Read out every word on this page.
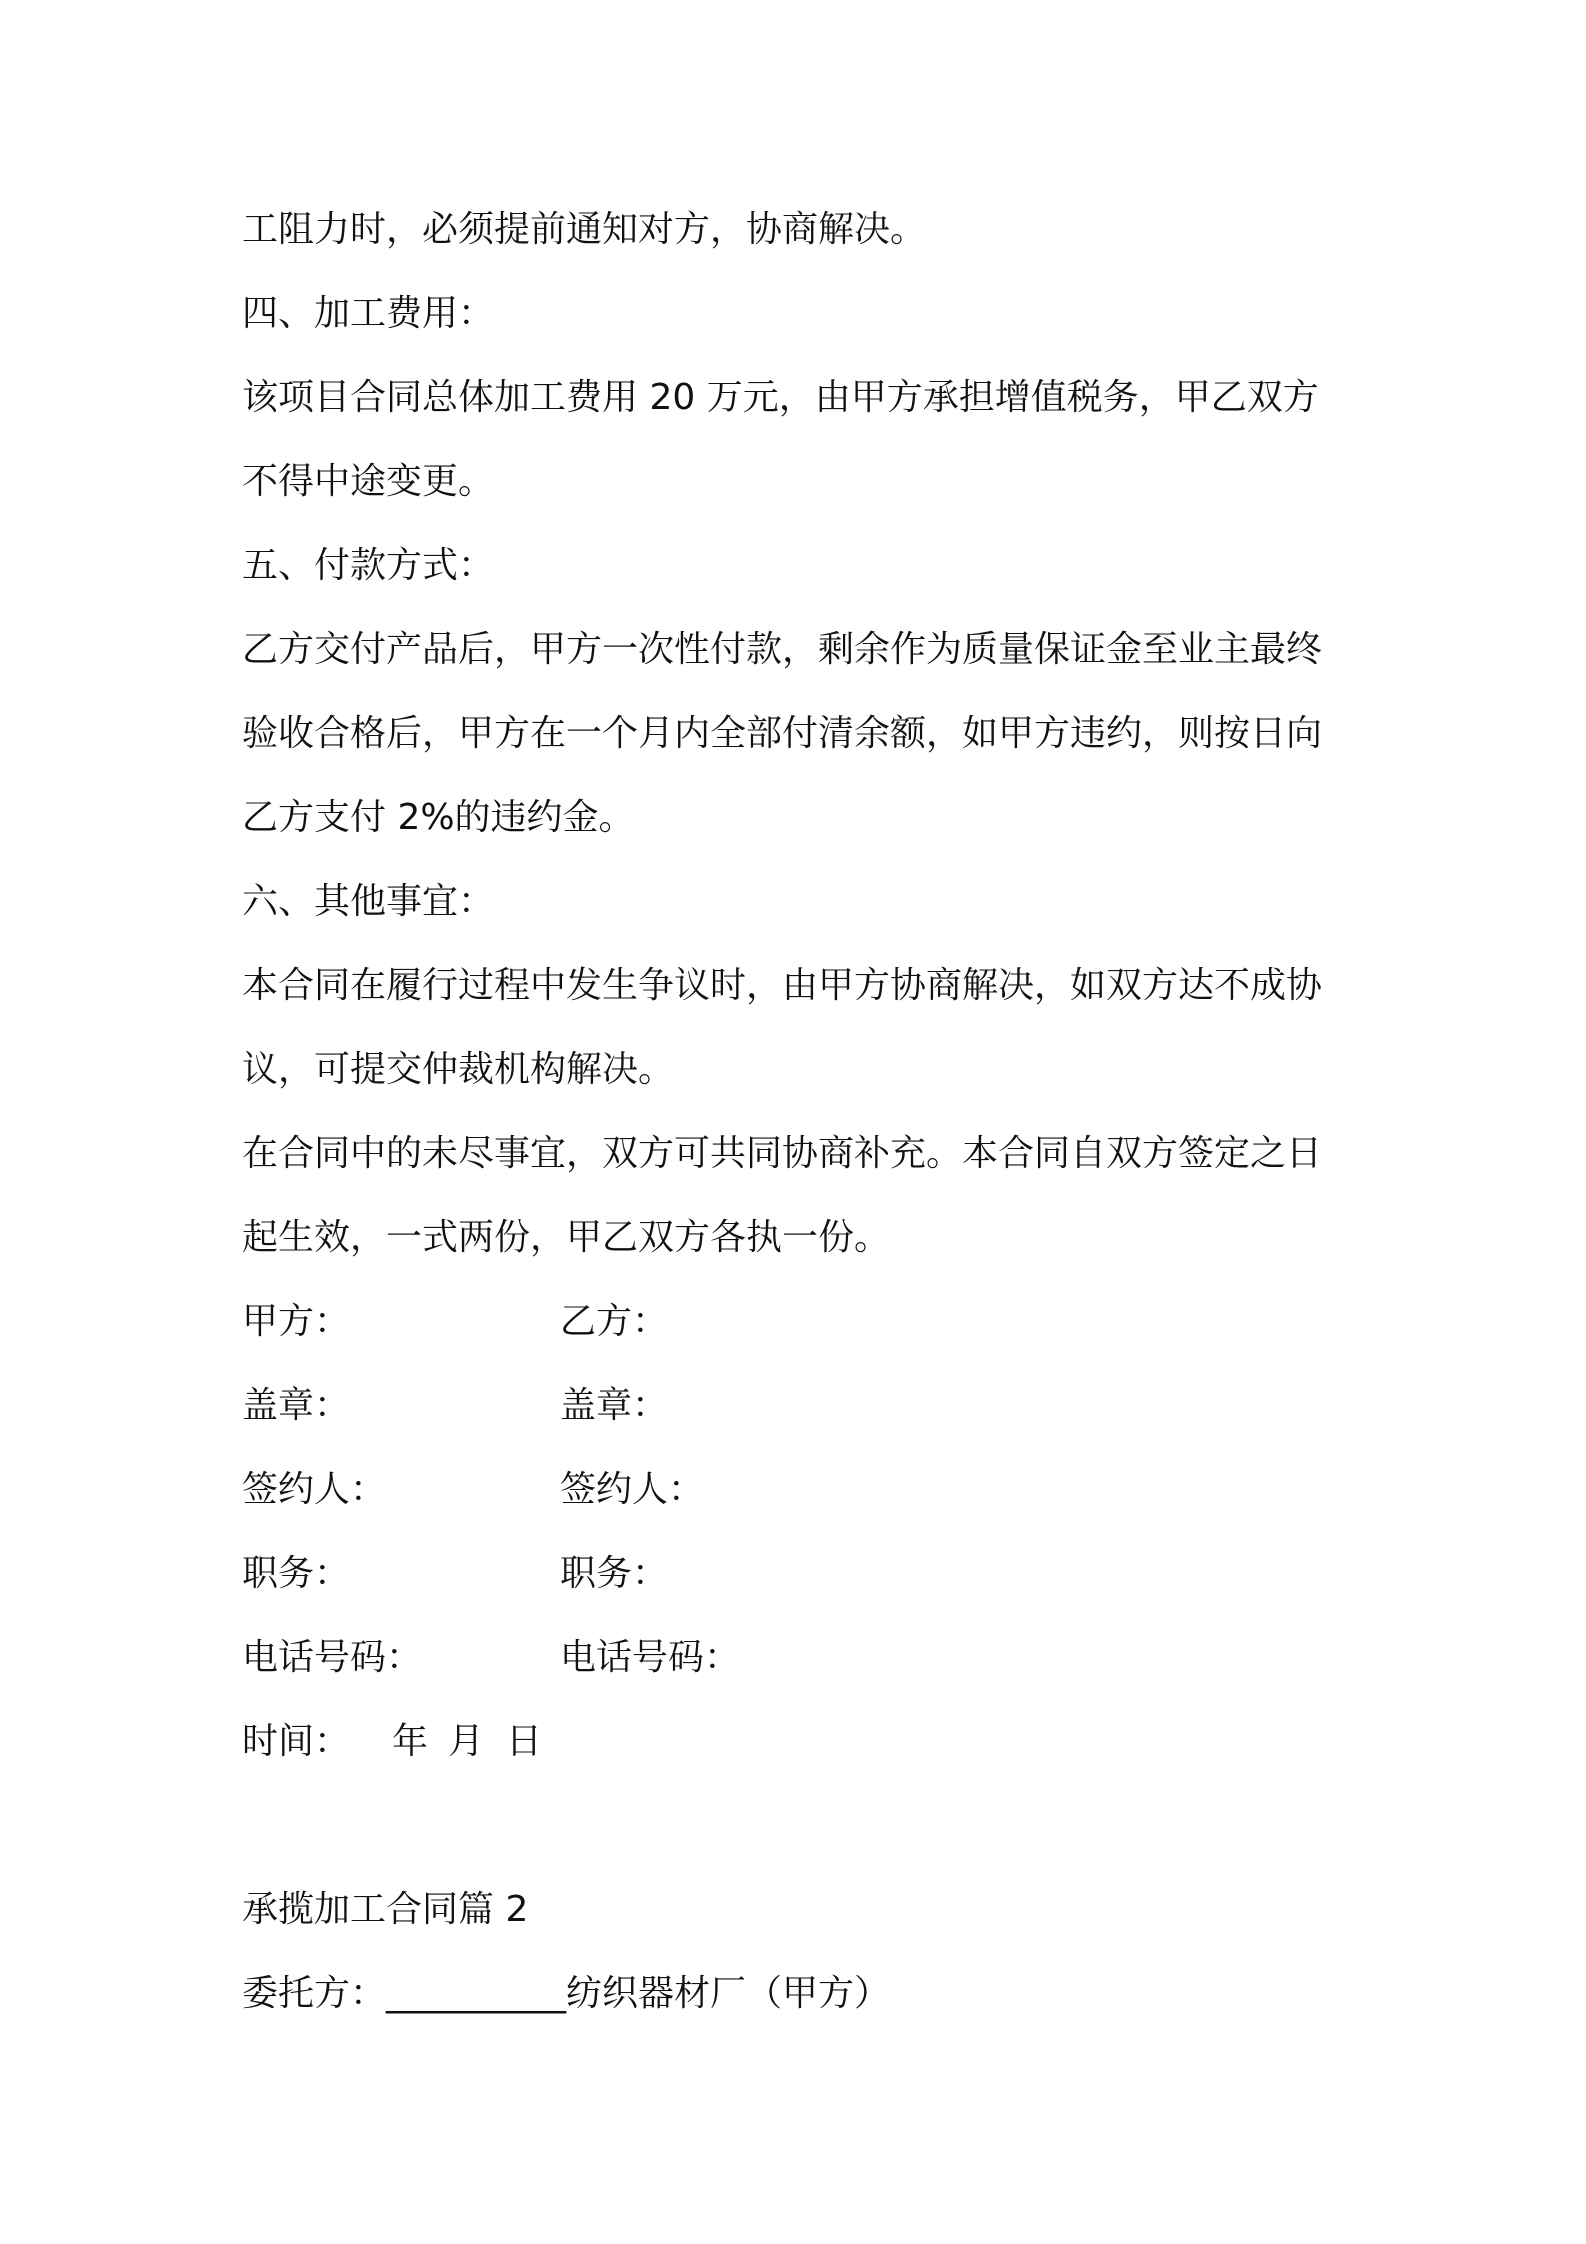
工阻力时，必须提前通知对方，协商解决。
四、加工费用：
该项目合同总体加工费用 20 万元，由甲方承担增值税务，甲乙双方
不得中途变更。
五、付款方式：
乙方交付产品后，甲方一次性付款，剩余作为质量保证金至业主最终
验收合格后，甲方在一个月内全部付清余额，如甲方违约，则按日向
乙方支付 2%的违约金。
六、其他事宜：
本合同在履行过程中发生争议时，由甲方协商解决，如双方达不成协
议，可提交仲裁机构解决。
在合同中的未尽事宜，双方可共同协商补充。本合同自双方签定之日
起生效，一式两份，甲乙双方各执一份。
甲方：	乙方：
盖章：	盖章：
签约人：	签约人：
职务：	职务：
电话号码：	电话号码：
时间： 年 月 日
承揽加工合同篇 2
委托方：__________纺织器材厂（甲方）
